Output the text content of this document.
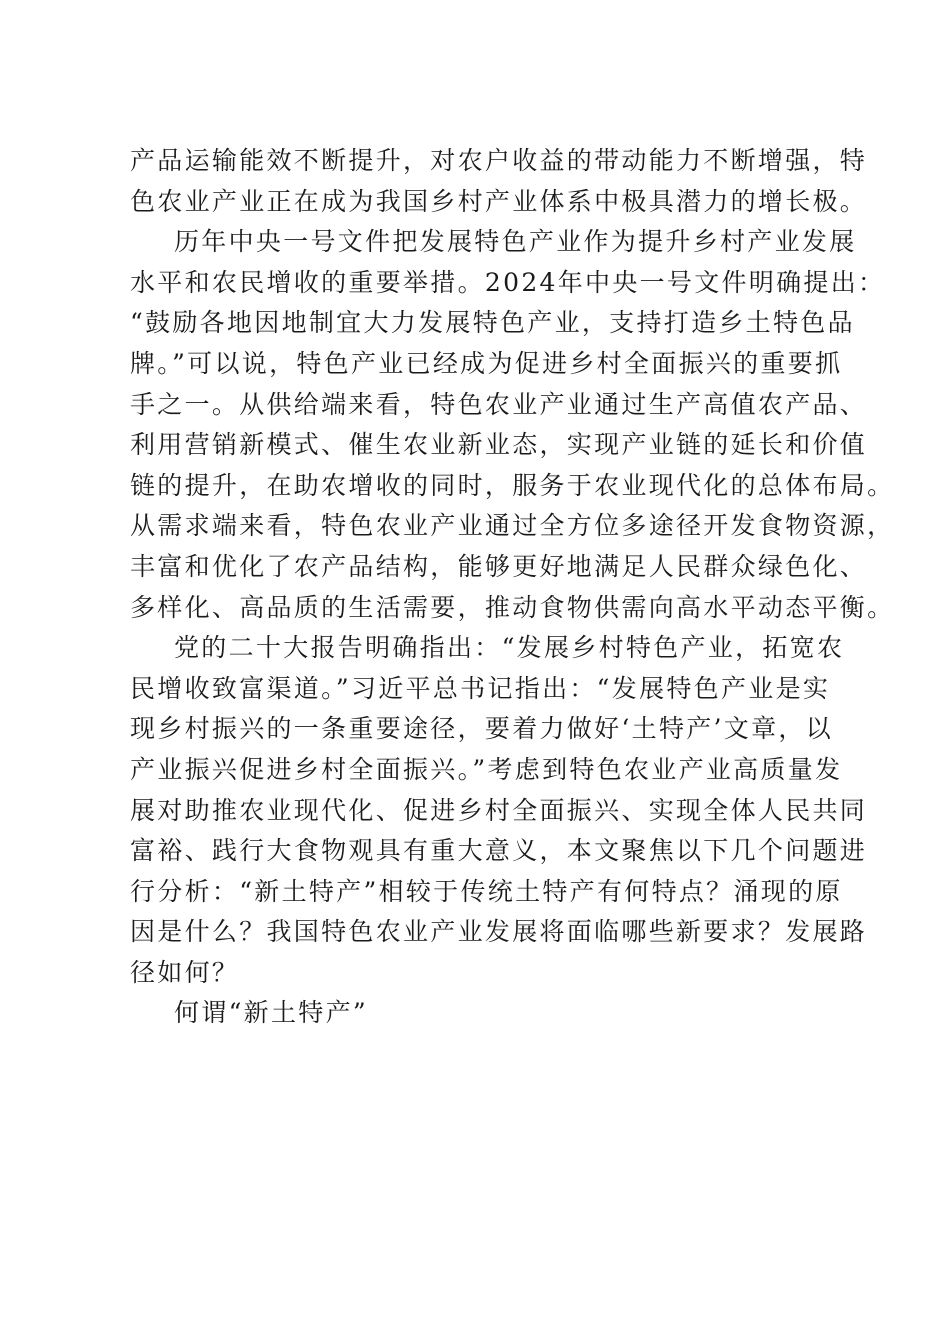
产品运输能效不断提升，对农户收益的带动能力不断增强，特
色农业产业正在成为我国乡村产业体系中极具潜力的增长极。
历年中央一号文件把发展特色产业作为提升乡村产业发展
水平和农民增收的重要举措。2024年中央一号文件明确提出：
“鼓励各地因地制宜大力发展特色产业，支持打造乡土特色品
牌。”可以说，特色产业已经成为促进乡村全面振兴的重要抓
手之一。从供给端来看，特色农业产业通过生产高值农产品、
利用营销新模式、催生农业新业态，实现产业链的延长和价值
链的提升，在助农增收的同时，服务于农业现代化的总体布局。
从需求端来看，特色农业产业通过全方位多途径开发食物资源，
丰富和优化了农产品结构，能够更好地满足人民群众绿色化、
多样化、高品质的生活需要，推动食物供需向高水平动态平衡。
党的二十大报告明确指出：“发展乡村特色产业，拓宽农
民增收致富渠道。”习近平总书记指出：“发展特色产业是实
现乡村振兴的一条重要途径，要着力做好‘土特产’文章，以
产业振兴促进乡村全面振兴。”考虑到特色农业产业高质量发
展对助推农业现代化、促进乡村全面振兴、实现全体人民共同
富裕、践行大食物观具有重大意义，本文聚焦以下几个问题进
行分析：“新土特产”相较于传统土特产有何特点？涌现的原
因是什么？我国特色农业产业发展将面临哪些新要求？发展路
径如何？
何谓“新土特产”
